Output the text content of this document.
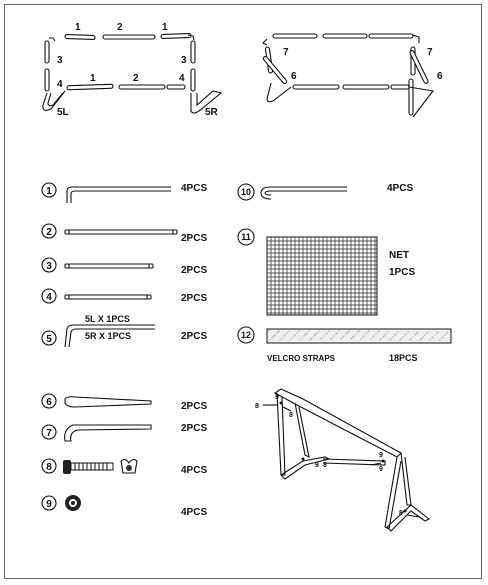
1	2	1
3	3
4
1	2	4
5L	5R
7
6
7
6
1	4PCS
2
2PCS
3	2PCS
4	2PCS
5
5L X 1PCS
5R X 1PCS	2PCS
6	2PCS
7	2PCS
8	4PCS
9
4PCS
10	4PCS
11
NET
1PCS
12
VELCRO STRAPS	18PCS
8
9
8
9 8
9
9
8
